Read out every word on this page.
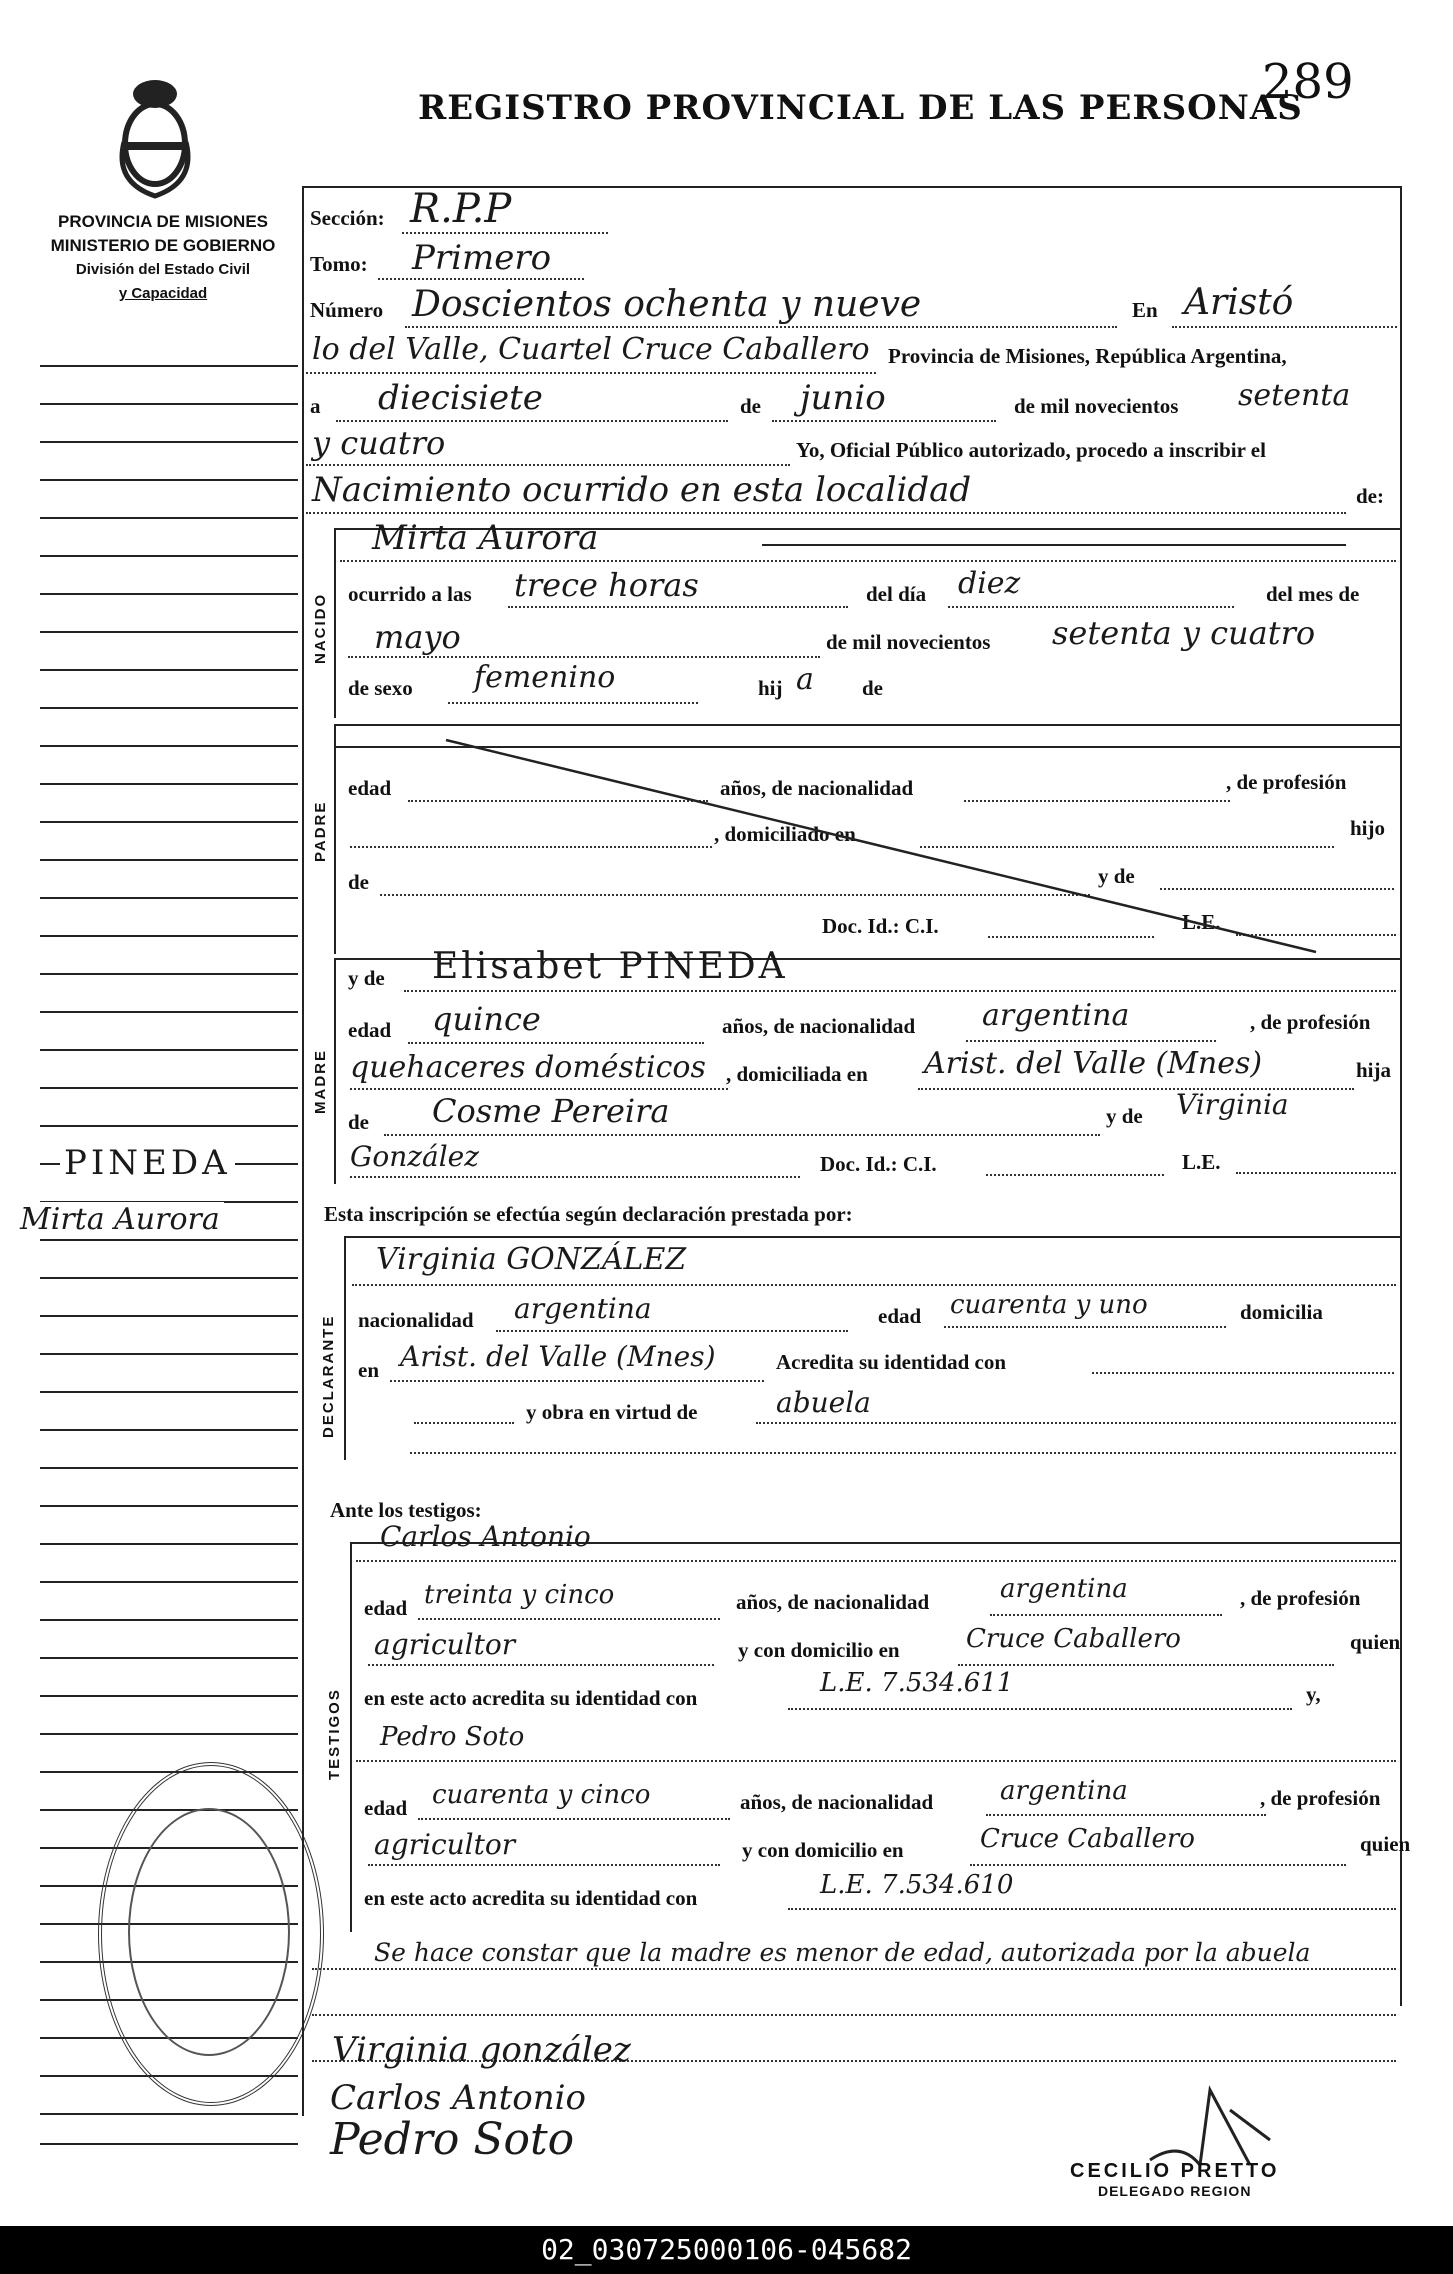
PROVINCIA DE MISIONES
MINISTERIO DE GOBIERNO
División del Estado Civil
y Capacidad
REGISTRO PROVINCIAL DE LAS PERSONAS
289
PINEDA
Mirta Aurora
Sección: R.P.P
Tomo: Primero
Número Doscientos ochenta y nueve	En Aristó
lo del Valle, Cuartel Cruce Caballero Provincia de Misiones, República Argentina,
a diecisiete	de junio	de mil novecientos setenta
y cuatro	Yo, Oficial Público autorizado, procedo a inscribir el
Nacimiento ocurrido en esta localidad	de:
NACIDO
Mirta Aurora
ocurrido a las trece horas	del día diez	del mes de
mayo	de mil novecientos setenta y cuatro
de sexo femenino	hij a de
PADRE
edad	años, de nacionalidad	, de profesión
, domiciliado en	hijo
de	y de
Doc. Id.: C.I.	L.E.
MADRE
y de Elisabet PINEDA
edad quince	años, de nacionalidad argentina	, de profesión
quehaceres domésticos , domiciliada en Arist. del Valle (Mnes)	hija
de Cosme Pereira	y de Virginia
González	Doc. Id.: C.I.	L.E.
Esta inscripción se efectúa según declaración prestada por:
DECLARANTE
Virginia GONZÁLEZ
nacionalidad argentina	edad cuarenta y uno	domicilia
en Arist. del Valle (Mnes)	Acredita su identidad con
y obra en virtud de	abuela
Ante los testigos:
TESTIGOS
Carlos Antonio
edad treinta y cinco	años, de nacionalidad	argentina	, de profesión
agricultor	y con domicilio en	Cruce Caballero	quien
en este acto acredita su identidad con	L.E. 7.534.611	y,
Pedro Soto
edad cuarenta y cinco	años, de nacionalidad	argentina	, de profesión
agricultor	y con domicilio en	Cruce Caballero	quien
en este acto acredita su identidad con	L.E. 7.534.610
Se hace constar que la madre es menor de edad, autorizada por la abuela
Virginia gonzález
Carlos Antonio
Pedro Soto
CECILIO PRETTO
DELEGADO REGION
02_030725000106-045682
